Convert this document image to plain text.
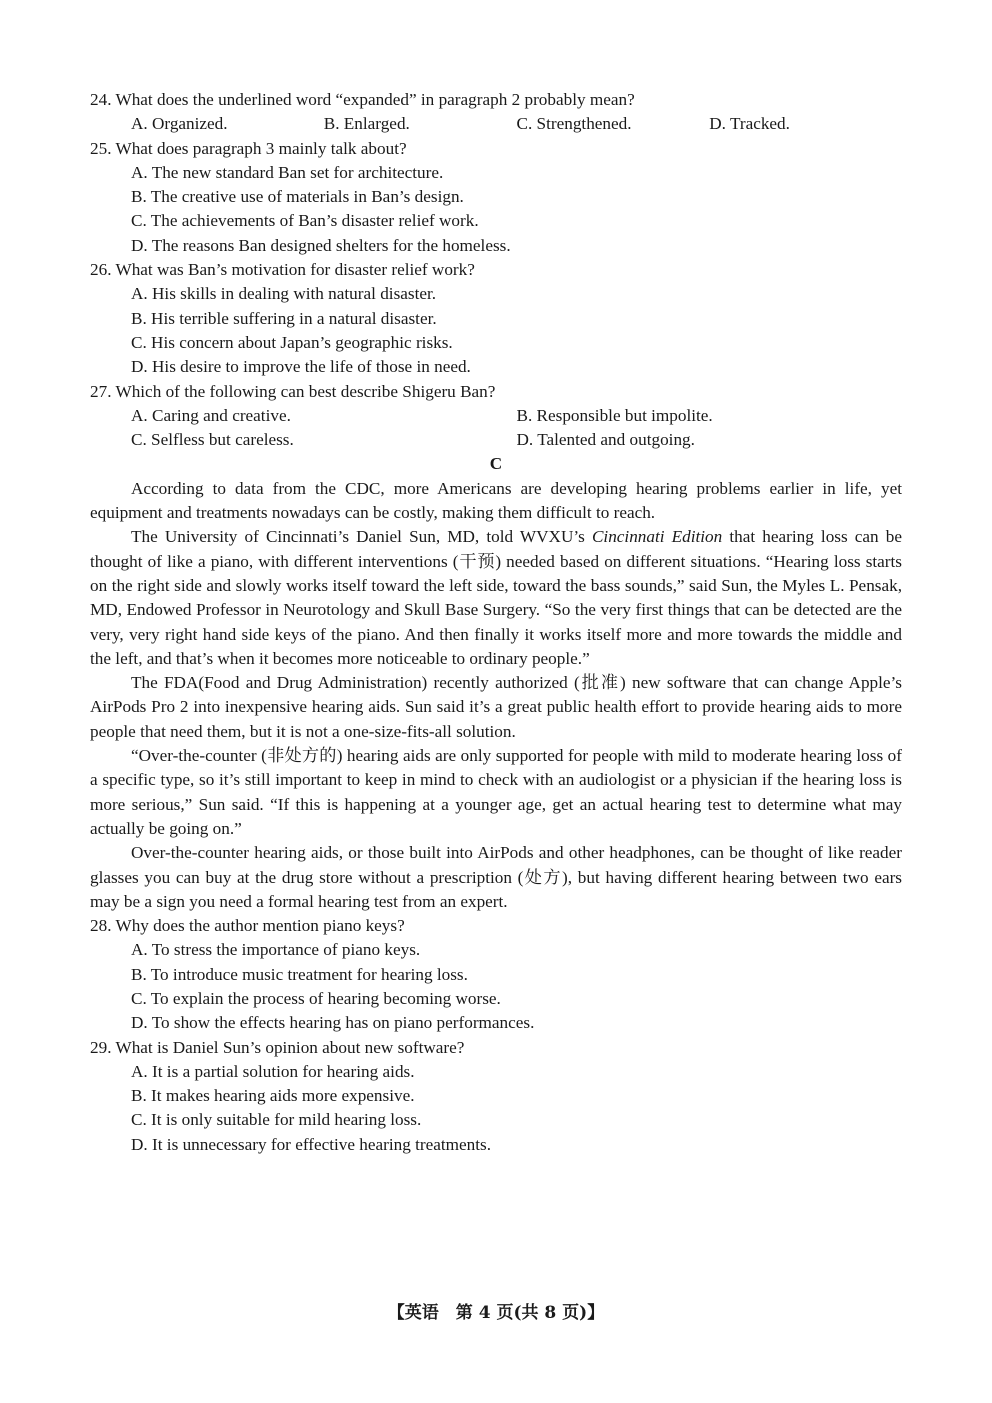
24. What does the underlined word “expanded” in paragraph 2 probably mean?

A. Organized.	B. Enlarged.	C. Strengthened.	D. Tracked.

25. What does paragraph 3 mainly talk about?

A. The new standard Ban set for architecture.

B. The creative use of materials in Ban’s design.

C. The achievements of Ban’s disaster relief work.

D. The reasons Ban designed shelters for the homeless.

26. What was Ban’s motivation for disaster relief work?

A. His skills in dealing with natural disaster.

B. His terrible suffering in a natural disaster.

C. His concern about Japan’s geographic risks.

D. His desire to improve the life of those in need.

27. Which of the following can best describe Shigeru Ban?

A. Caring and creative.	B. Responsible but impolite.
C. Selfless but careless.	D. Talented and outgoing.

C

According to data from the CDC, more Americans are developing hearing problems earlier in life, yet equipment and treatments nowadays can be costly, making them difficult to reach.

The University of Cincinnati’s Daniel Sun, MD, told WVXU’s Cincinnati Edition that hearing loss can be thought of like a piano, with different interventions (干预) needed based on different situations. “Hearing loss starts on the right side and slowly works itself toward the left side, toward the bass sounds,” said Sun, the Myles L. Pensak, MD, Endowed Professor in Neurotology and Skull Base Surgery. “So the very first things that can be detected are the very, very right hand side keys of the piano. And then finally it works itself more and more towards the middle and the left, and that’s when it becomes more noticeable to ordinary people.”

The FDA(Food and Drug Administration) recently authorized (批准) new software that can change Apple’s AirPods Pro 2 into inexpensive hearing aids. Sun said it’s a great public health effort to provide hearing aids to more people that need them, but it is not a one-size-fits-all solution.

“Over-the-counter (非处方的) hearing aids are only supported for people with mild to moderate hearing loss of a specific type, so it’s still important to keep in mind to check with an audiologist or a physician if the hearing loss is more serious,” Sun said. “If this is happening at a younger age, get an actual hearing test to determine what may actually be going on.”

Over-the-counter hearing aids, or those built into AirPods and other headphones, can be thought of like reader glasses you can buy at the drug store without a prescription (处方), but having different hearing between two ears may be a sign you need a formal hearing test from an expert.

28. Why does the author mention piano keys?

A. To stress the importance of piano keys.

B. To introduce music treatment for hearing loss.

C. To explain the process of hearing becoming worse.

D. To show the effects hearing has on piano performances.

29. What is Daniel Sun’s opinion about new software?

A. It is a partial solution for hearing aids.

B. It makes hearing aids more expensive.

C. It is only suitable for mild hearing loss.

D. It is unnecessary for effective hearing treatments.

【英语　第 4 页(共 8 页)】
